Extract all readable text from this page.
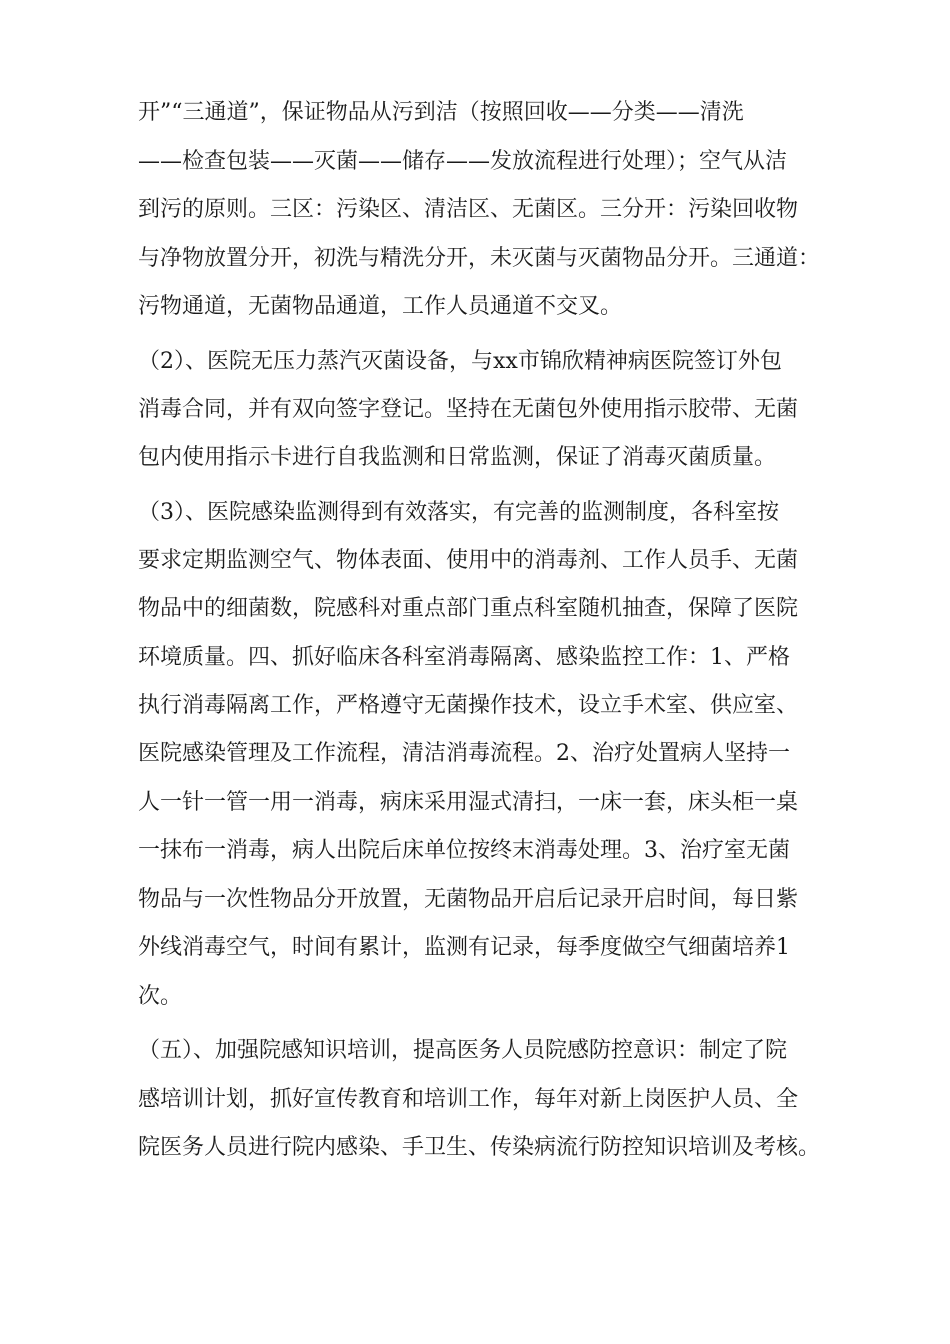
开”“三通道”，保证物品从污到洁（按照回收——分类——清洗
——检查包装——灭菌——储存——发放流程进行处理）；空气从洁
到污的原则。三区：污染区、清洁区、无菌区。三分开：污染回收物
与净物放置分开，初洗与精洗分开，未灭菌与灭菌物品分开。三通道：
污物通道，无菌物品通道，工作人员通道不交叉。
（2）、医院无压力蒸汽灭菌设备，与xx市锦欣精神病医院签订外包
消毒合同，并有双向签字登记。坚持在无菌包外使用指示胶带、无菌
包内使用指示卡进行自我监测和日常监测，保证了消毒灭菌质量。
（3）、医院感染监测得到有效落实，有完善的监测制度，各科室按
要求定期监测空气、物体表面、使用中的消毒剂、工作人员手、无菌
物品中的细菌数，院感科对重点部门重点科室随机抽查，保障了医院
环境质量。四、抓好临床各科室消毒隔离、感染监控工作：1、严格
执行消毒隔离工作，严格遵守无菌操作技术，设立手术室、供应室、
医院感染管理及工作流程，清洁消毒流程。2、治疗处置病人坚持一
人一针一管一用一消毒，病床采用湿式清扫，一床一套，床头柜一桌
一抹布一消毒，病人出院后床单位按终末消毒处理。3、治疗室无菌
物品与一次性物品分开放置，无菌物品开启后记录开启时间，每日紫
外线消毒空气，时间有累计，监测有记录，每季度做空气细菌培养1
次。
（五）、加强院感知识培训，提高医务人员院感防控意识：制定了院
感培训计划，抓好宣传教育和培训工作，每年对新上岗医护人员、全
院医务人员进行院内感染、手卫生、传染病流行防控知识培训及考核。
